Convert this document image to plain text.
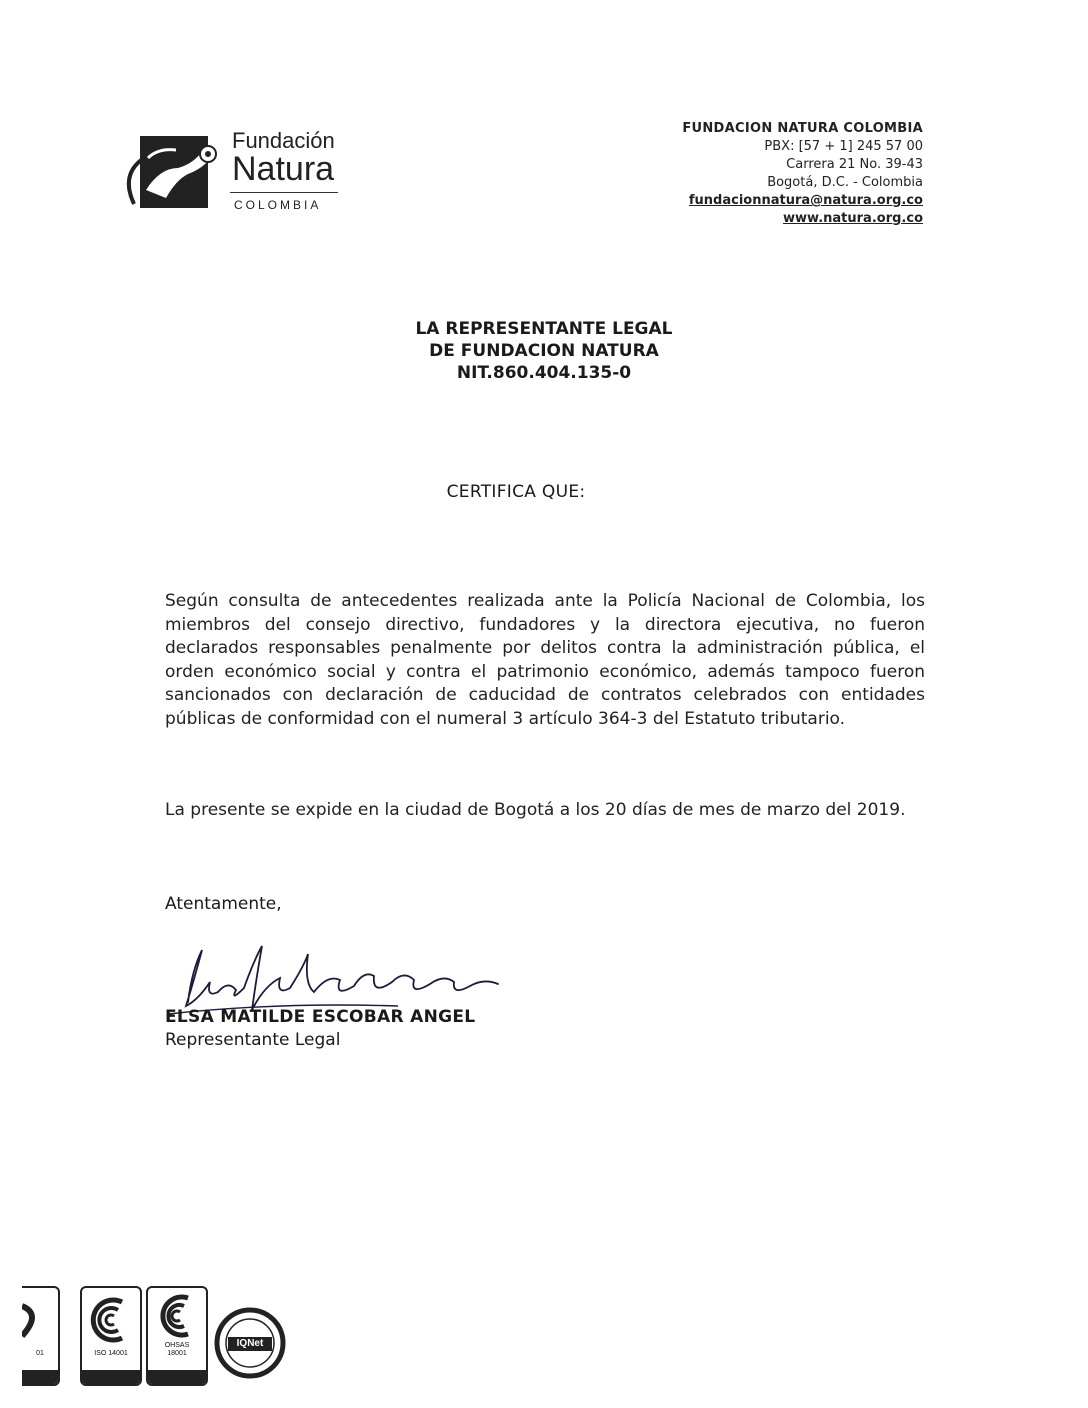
Fundación
Natura
COLOMBIA
FUNDACION NATURA COLOMBIA
PBX: [57 + 1] 245 57 00
Carrera 21 No. 39-43
Bogotá, D.C. - Colombia
fundacionnatura@natura.org.co
www.natura.org.co
LA REPRESENTANTE LEGAL
DE FUNDACION NATURA
NIT.860.404.135-0
CERTIFICA QUE:
Según consulta de antecedentes realizada ante la Policía Nacional de Colombia, los miembros del consejo directivo, fundadores y la directora ejecutiva, no fueron declarados responsables penalmente por delitos contra la administración pública, el orden económico social y contra el patrimonio económico, además tampoco fueron sancionados con declaración de caducidad de contratos celebrados con entidades públicas de conformidad con el numeral 3 artículo 364-3 del Estatuto tributario.
La presente se expide en la ciudad de Bogotá a los 20 días de mes de marzo del 2019.
Atentamente,
ELSA MATILDE ESCOBAR ANGEL
Representante Legal
01	ISO 14001
OHSAS
18001
IQNet
